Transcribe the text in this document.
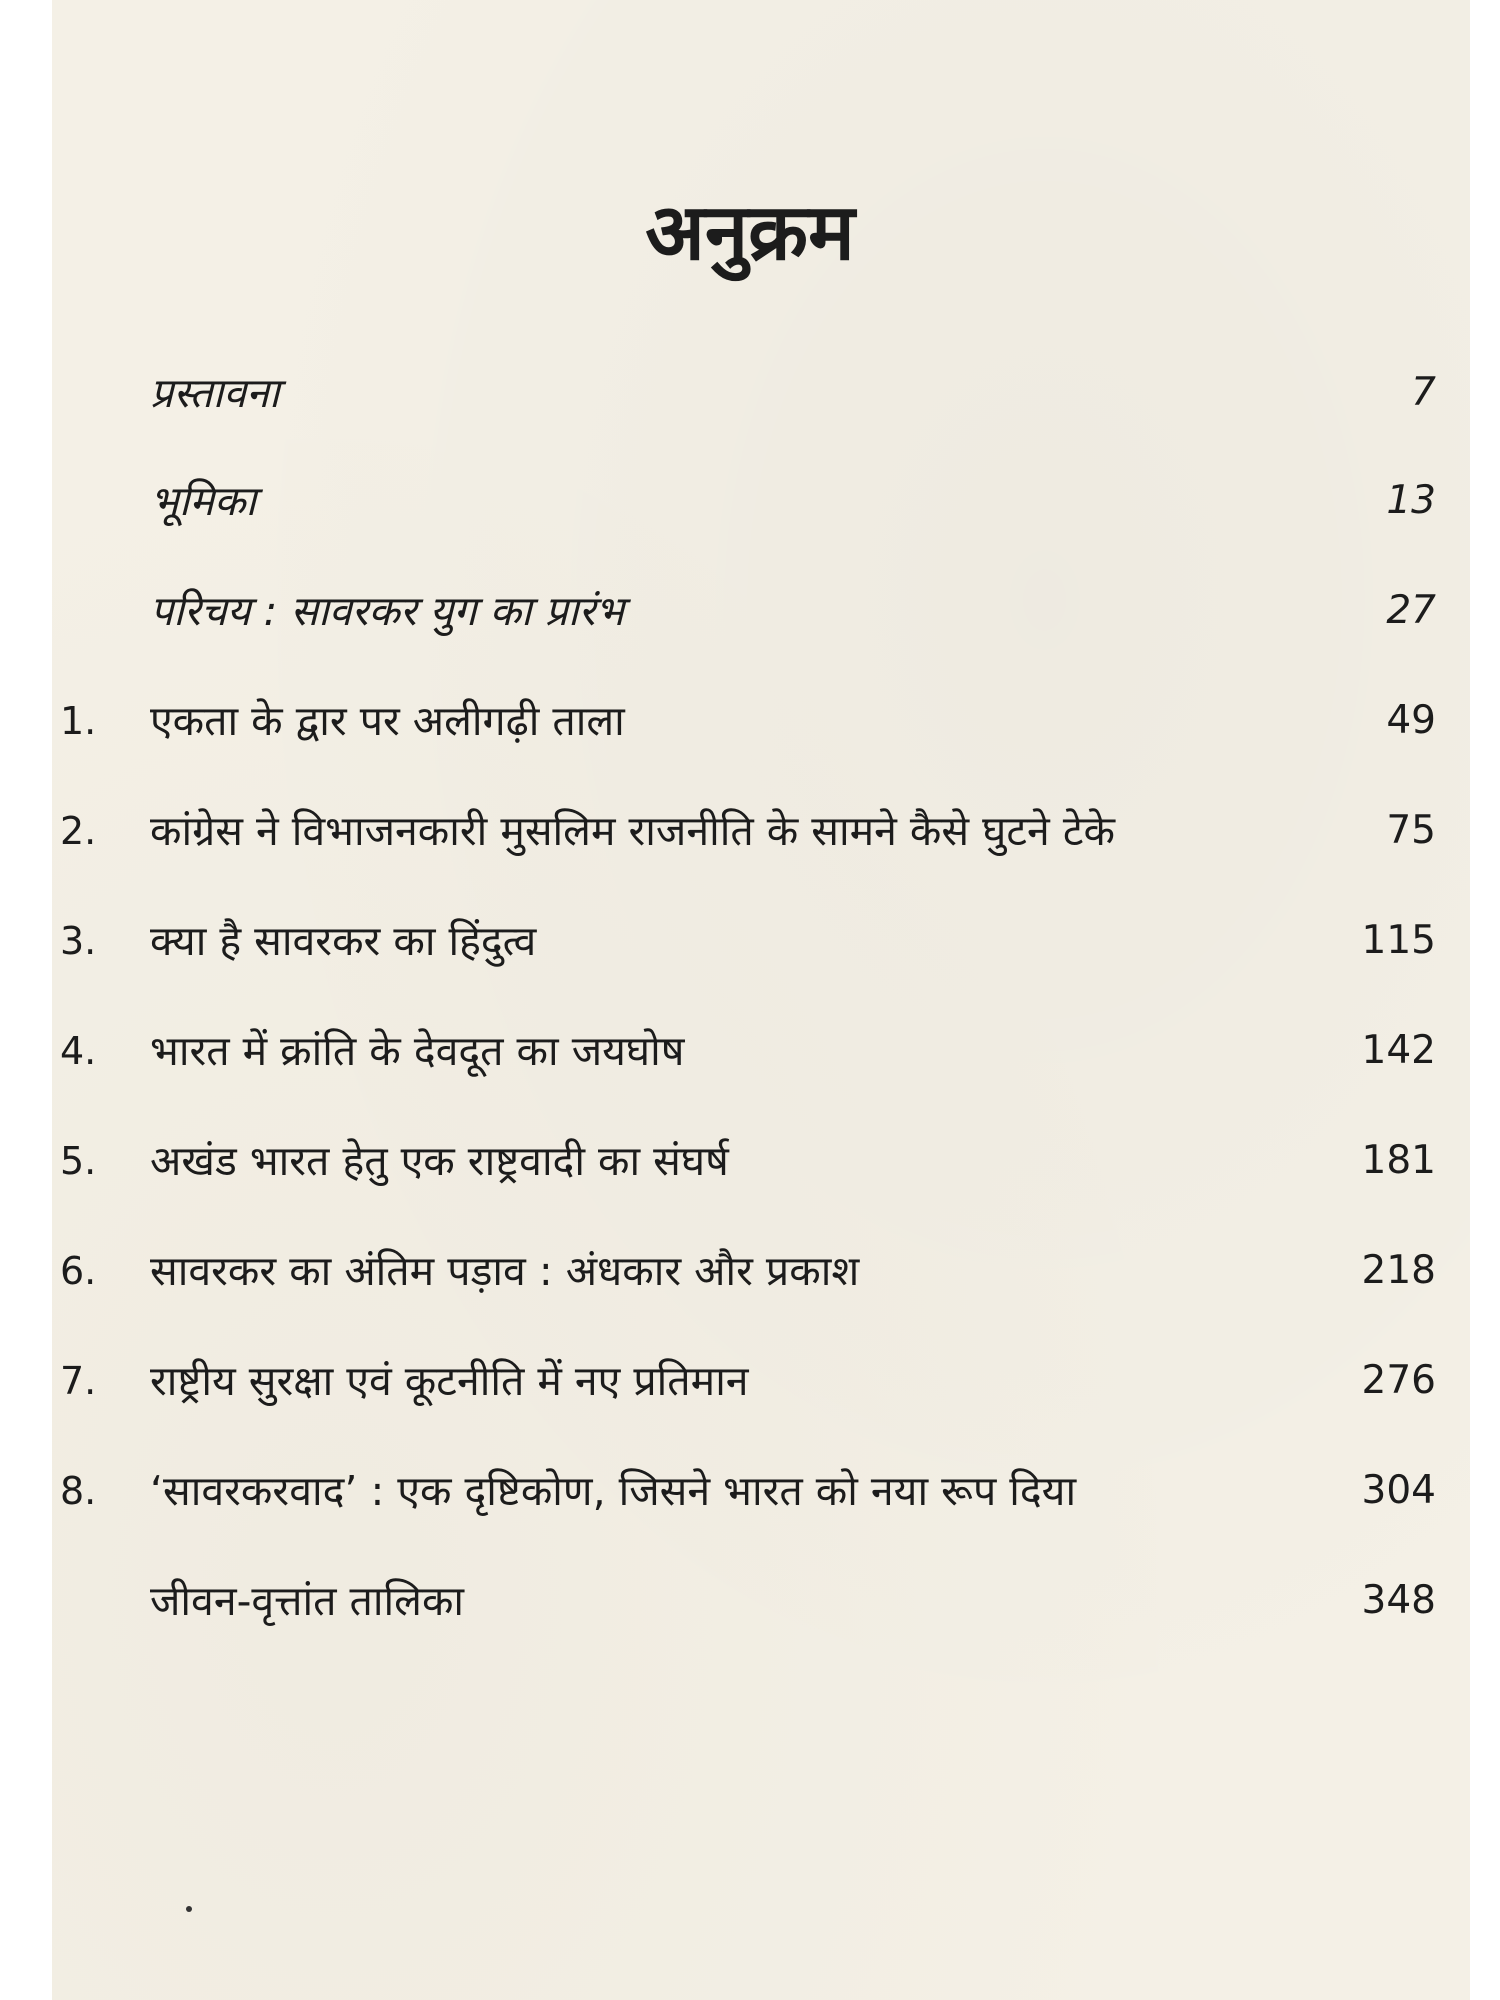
अनुक्रम
प्रस्तावना	7
भूमिका	13
परिचय : सावरकर युग का प्रारंभ	27
1.	एकता के द्वार पर अलीगढ़ी ताला	49
2.	कांग्रेस ने विभाजनकारी मुसलिम राजनीति के सामने कैसे घुटने टेके	75
3.	क्या है सावरकर का हिंदुत्व	115
4.	भारत में क्रांति के देवदूत का जयघोष	142
5.	अखंड भारत हेतु एक राष्ट्रवादी का संघर्ष	181
6.	सावरकर का अंतिम पड़ाव : अंधकार और प्रकाश	218
7.	राष्ट्रीय सुरक्षा एवं कूटनीति में नए प्रतिमान	276
8.	‘सावरकरवाद’ : एक दृष्टिकोण, जिसने भारत को नया रूप दिया	304
जीवन-वृत्तांत तालिका	348
